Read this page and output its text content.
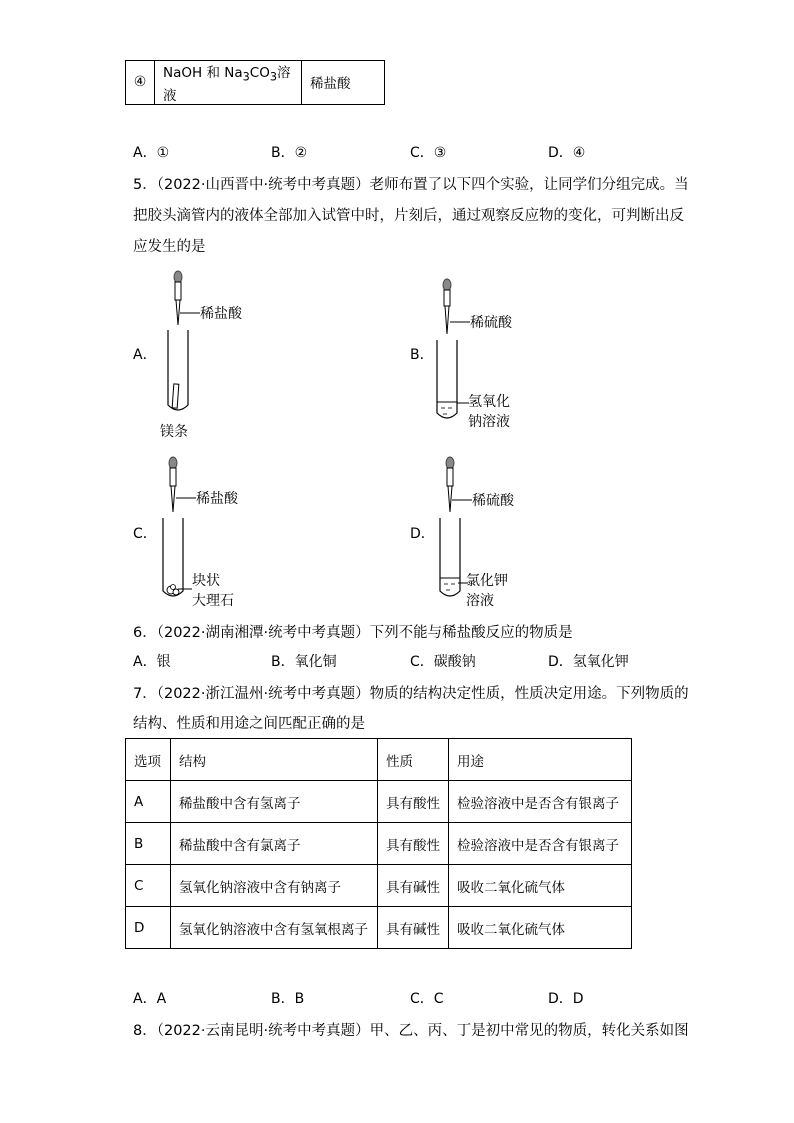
④	NaOH 和 $Na_3CO_3$溶液	稀盐酸
A．①	B．②	C．③	D．④
5．（2022·山西晋中·统考中考真题）老师布置了以下四个实验，让同学们分组完成。当
把胶头滴管内的液体全部加入试管中时，片刻后，通过观察反应物的变化，可判断出反
应发生的是
A．
稀盐酸
镁条
B．
稀硫酸
氢氧化
钠溶液
C．
稀盐酸
块状
大理石
D．
稀硫酸
氯化钾
溶液
6．（2022·湖南湘潭·统考中考真题）下列不能与稀盐酸反应的物质是
A．银	B．氧化铜	C．碳酸钠	D．氢氧化钾
7．（2022·浙江温州·统考中考真题）物质的结构决定性质，性质决定用途。下列物质的
结构、性质和用途之间匹配正确的是
选项	结构	性质	用途
A	稀盐酸中含有氢离子	具有酸性	检验溶液中是否含有银离子
B	稀盐酸中含有氯离子	具有酸性	检验溶液中是否含有银离子
C	氢氧化钠溶液中含有钠离子	具有碱性	吸收二氧化硫气体
D	氢氧化钠溶液中含有氢氧根离子	具有碱性	吸收二氧化硫气体
A．A	B．B	C．C	D．D
8．（2022·云南昆明·统考中考真题）甲、乙、丙、丁是初中常见的物质，转化关系如图
